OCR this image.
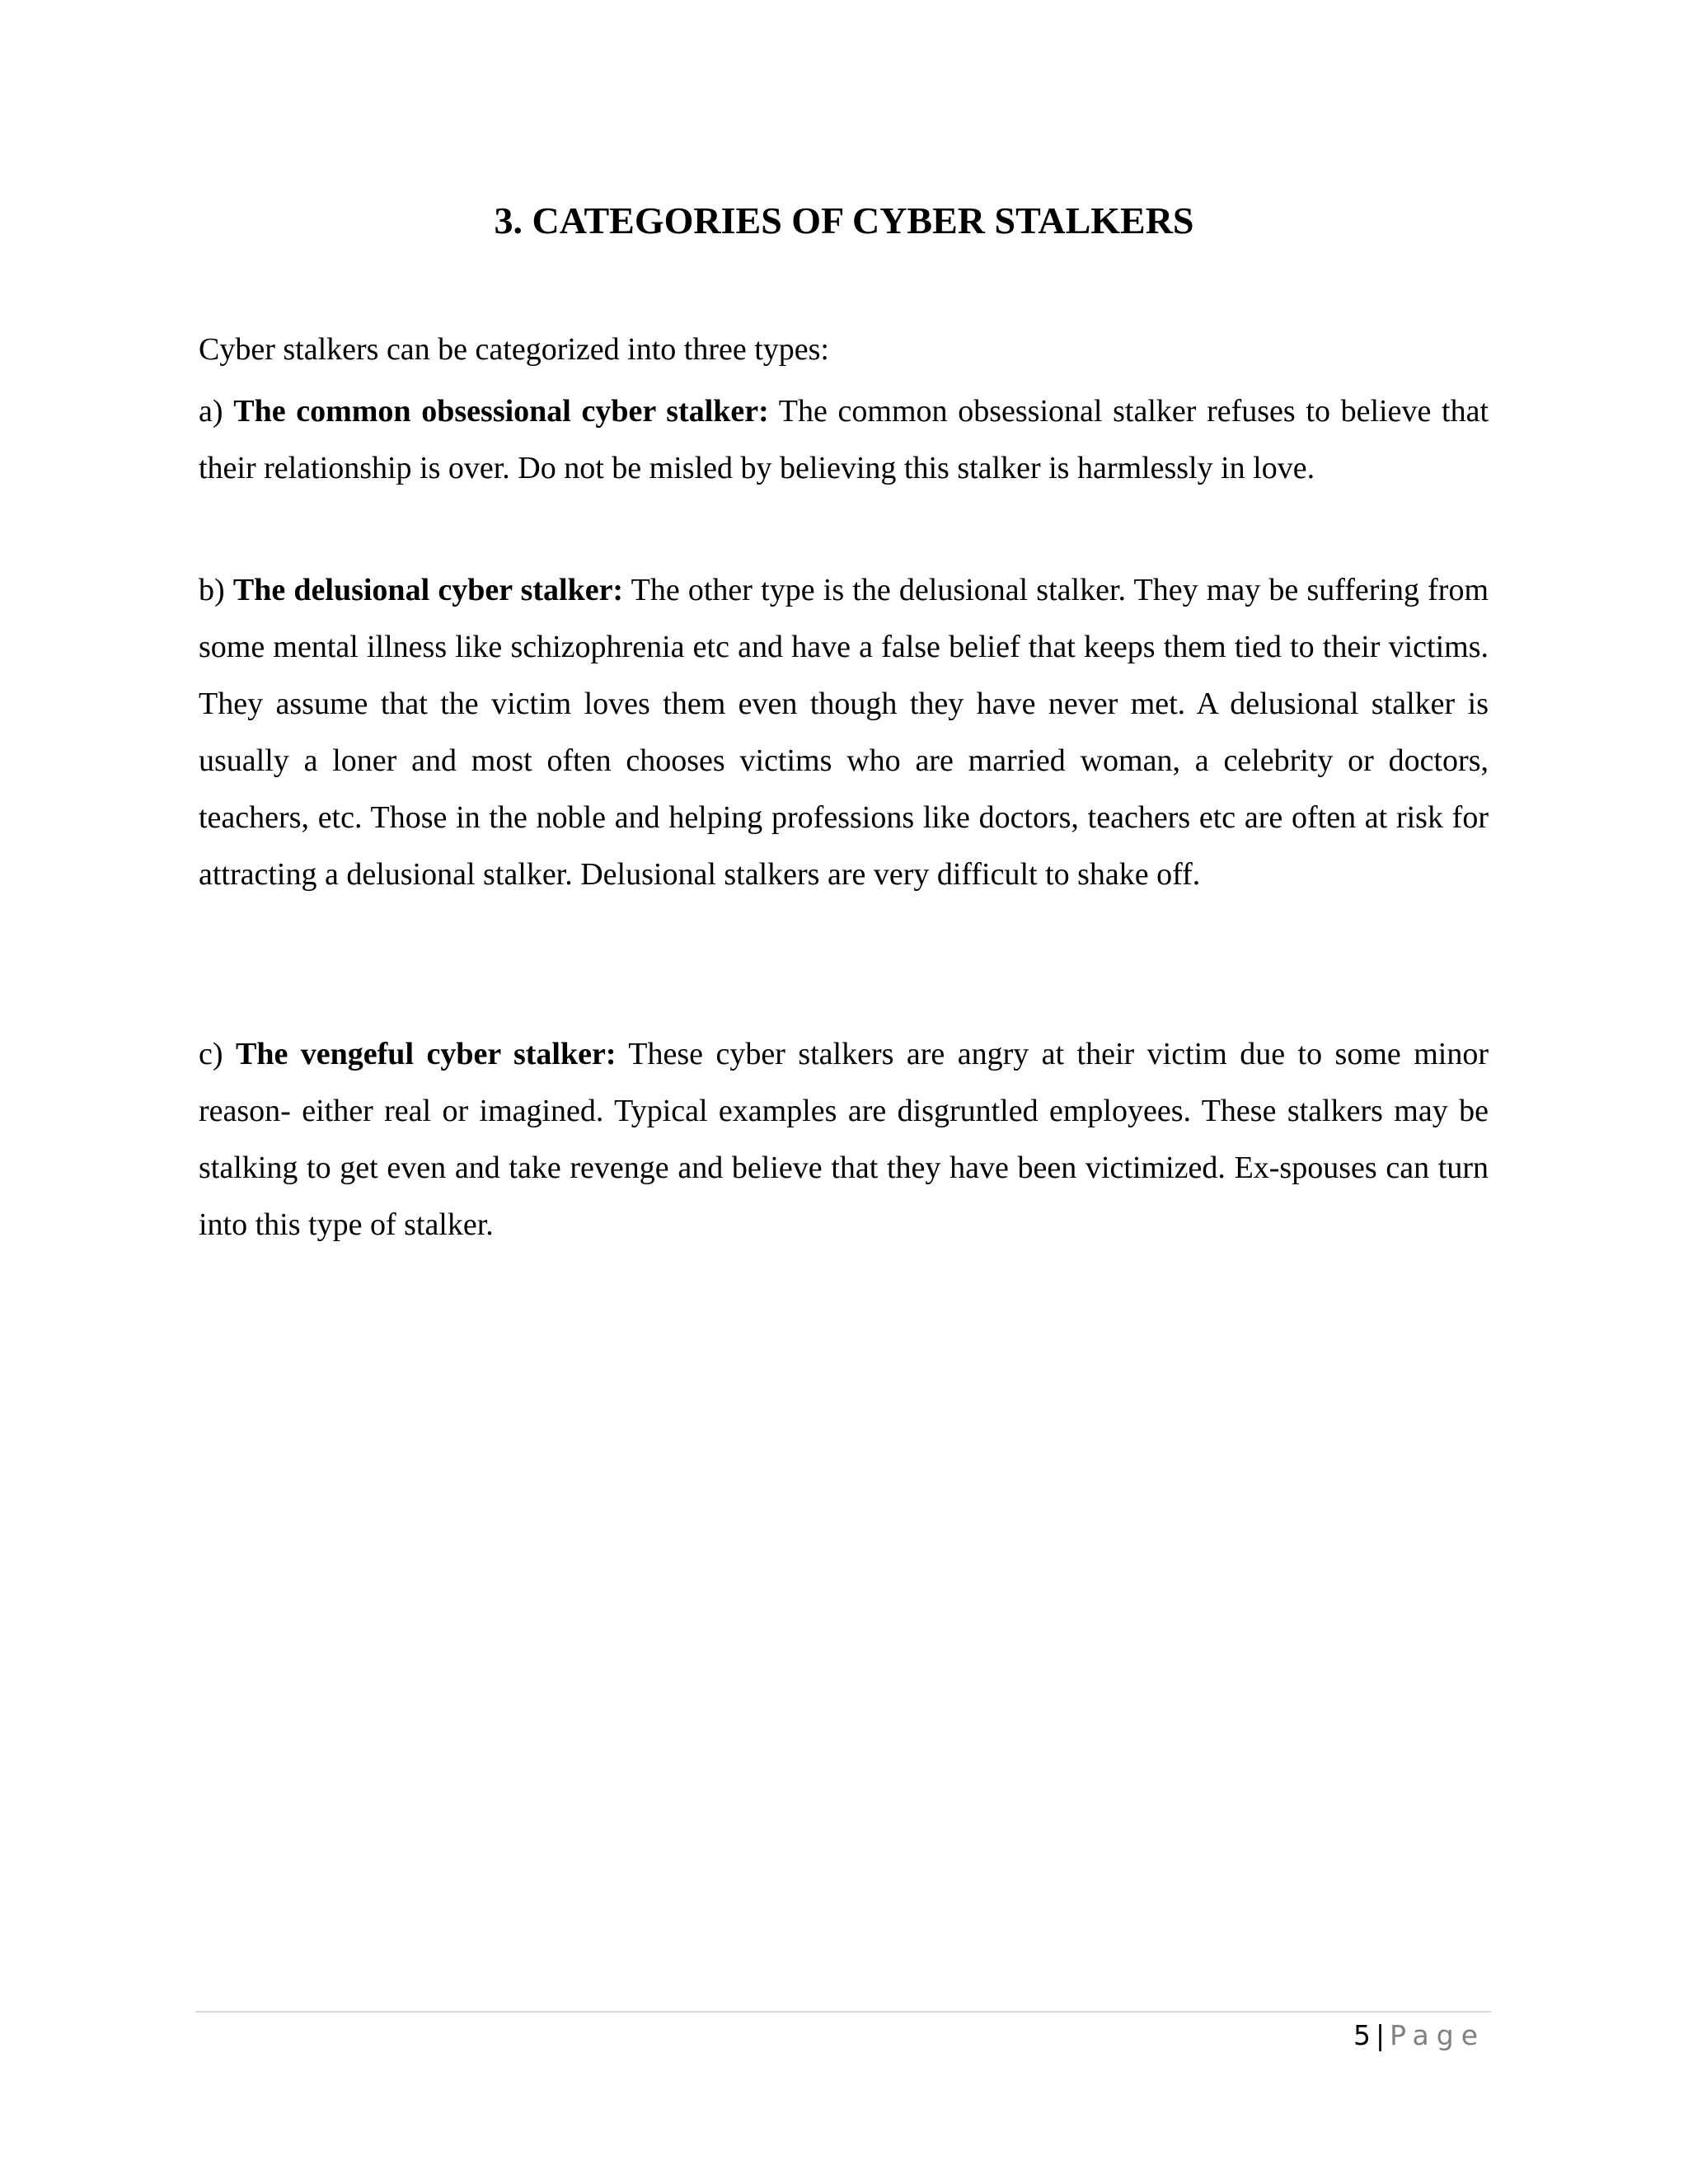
3. CATEGORIES OF CYBER STALKERS

Cyber stalkers can be categorized into three types:

a) The common obsessional cyber stalker: The common obsessional stalker refuses to believe that their relationship is over. Do not be misled by believing this stalker is harmlessly in love.

b) The delusional cyber stalker: The other type is the delusional stalker. They may be suffering from some mental illness like schizophrenia etc and have a false belief that keeps them tied to their victims. They assume that the victim loves them even though they have never met. A delusional stalker is usually a loner and most often chooses victims who are married woman, a celebrity or doctors, teachers, etc. Those in the noble and helping professions like doctors, teachers etc are often at risk for attracting a delusional stalker. Delusional stalkers are very difficult to shake off.

c) The vengeful cyber stalker: These cyber stalkers are angry at their victim due to some minor reason- either real or imagined. Typical examples are disgruntled employees. These stalkers may be stalking to get even and take revenge and believe that they have been victimized. Ex-spouses can turn into this type of stalker.

5 | Page
